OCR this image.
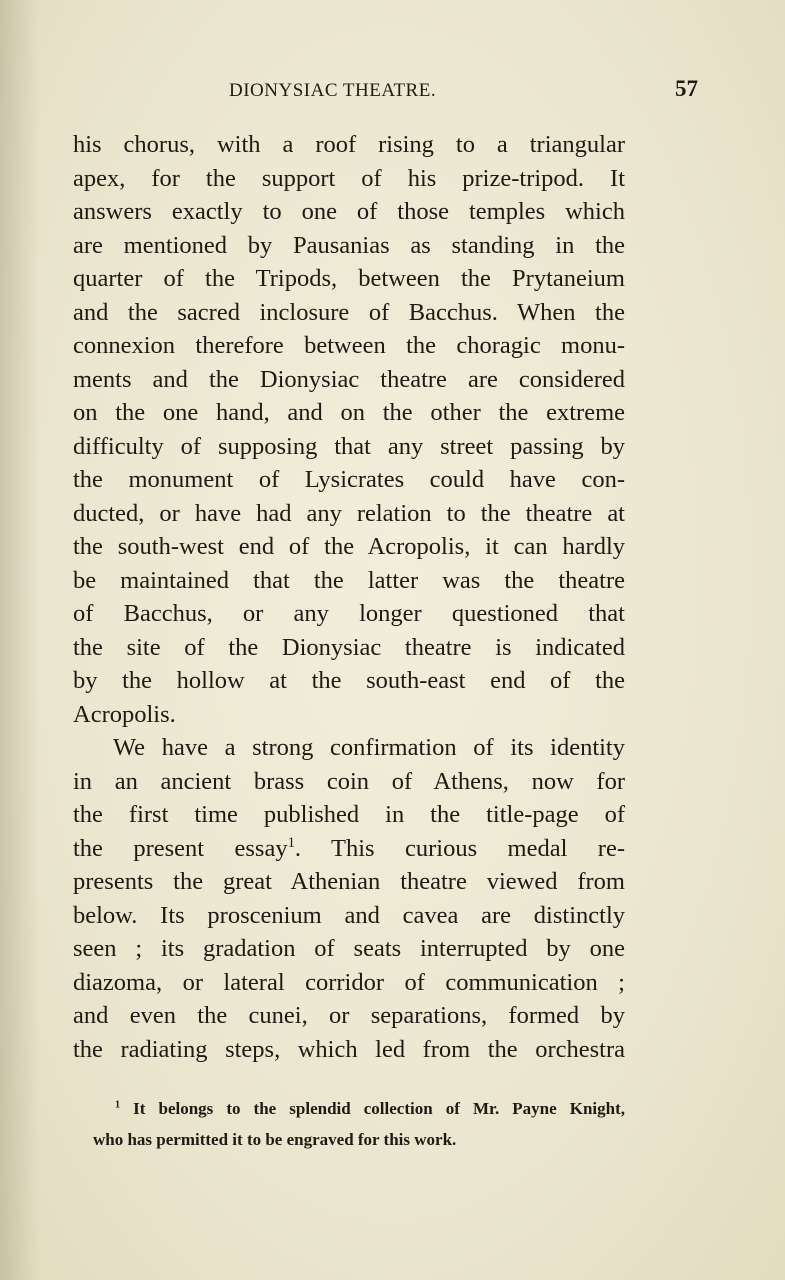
DIONYSIAC THEATRE.	57
his chorus, with a roof rising to a triangular
apex, for the support of his prize-tripod. It
answers exactly to one of those temples which
are mentioned by Pausanias as standing in the
quarter of the Tripods, between the Prytaneium
and the sacred inclosure of Bacchus. When the
connexion therefore between the choragic monu-
ments and the Dionysiac theatre are considered
on the one hand, and on the other the extreme
difficulty of supposing that any street passing by
the monument of Lysicrates could have con-
ducted, or have had any relation to the theatre at
the south-west end of the Acropolis, it can hardly
be maintained that the latter was the theatre
of Bacchus, or any longer questioned that
the site of the Dionysiac theatre is indicated
by the hollow at the south-east end of the
Acropolis.
We have a strong confirmation of its identity
in an ancient brass coin of Athens, now for
the first time published in the title-page of
the present essay$^1$. This curious medal re-
presents the great Athenian theatre viewed from
below. Its proscenium and cavea are distinctly
seen ; its gradation of seats interrupted by one
diazoma, or lateral corridor of communication ;
and even the cunei, or separations, formed by
the radiating steps, which led from the orchestra
$^1$ It belongs to the splendid collection of Mr. Payne Knight,
who has permitted it to be engraved for this work.
